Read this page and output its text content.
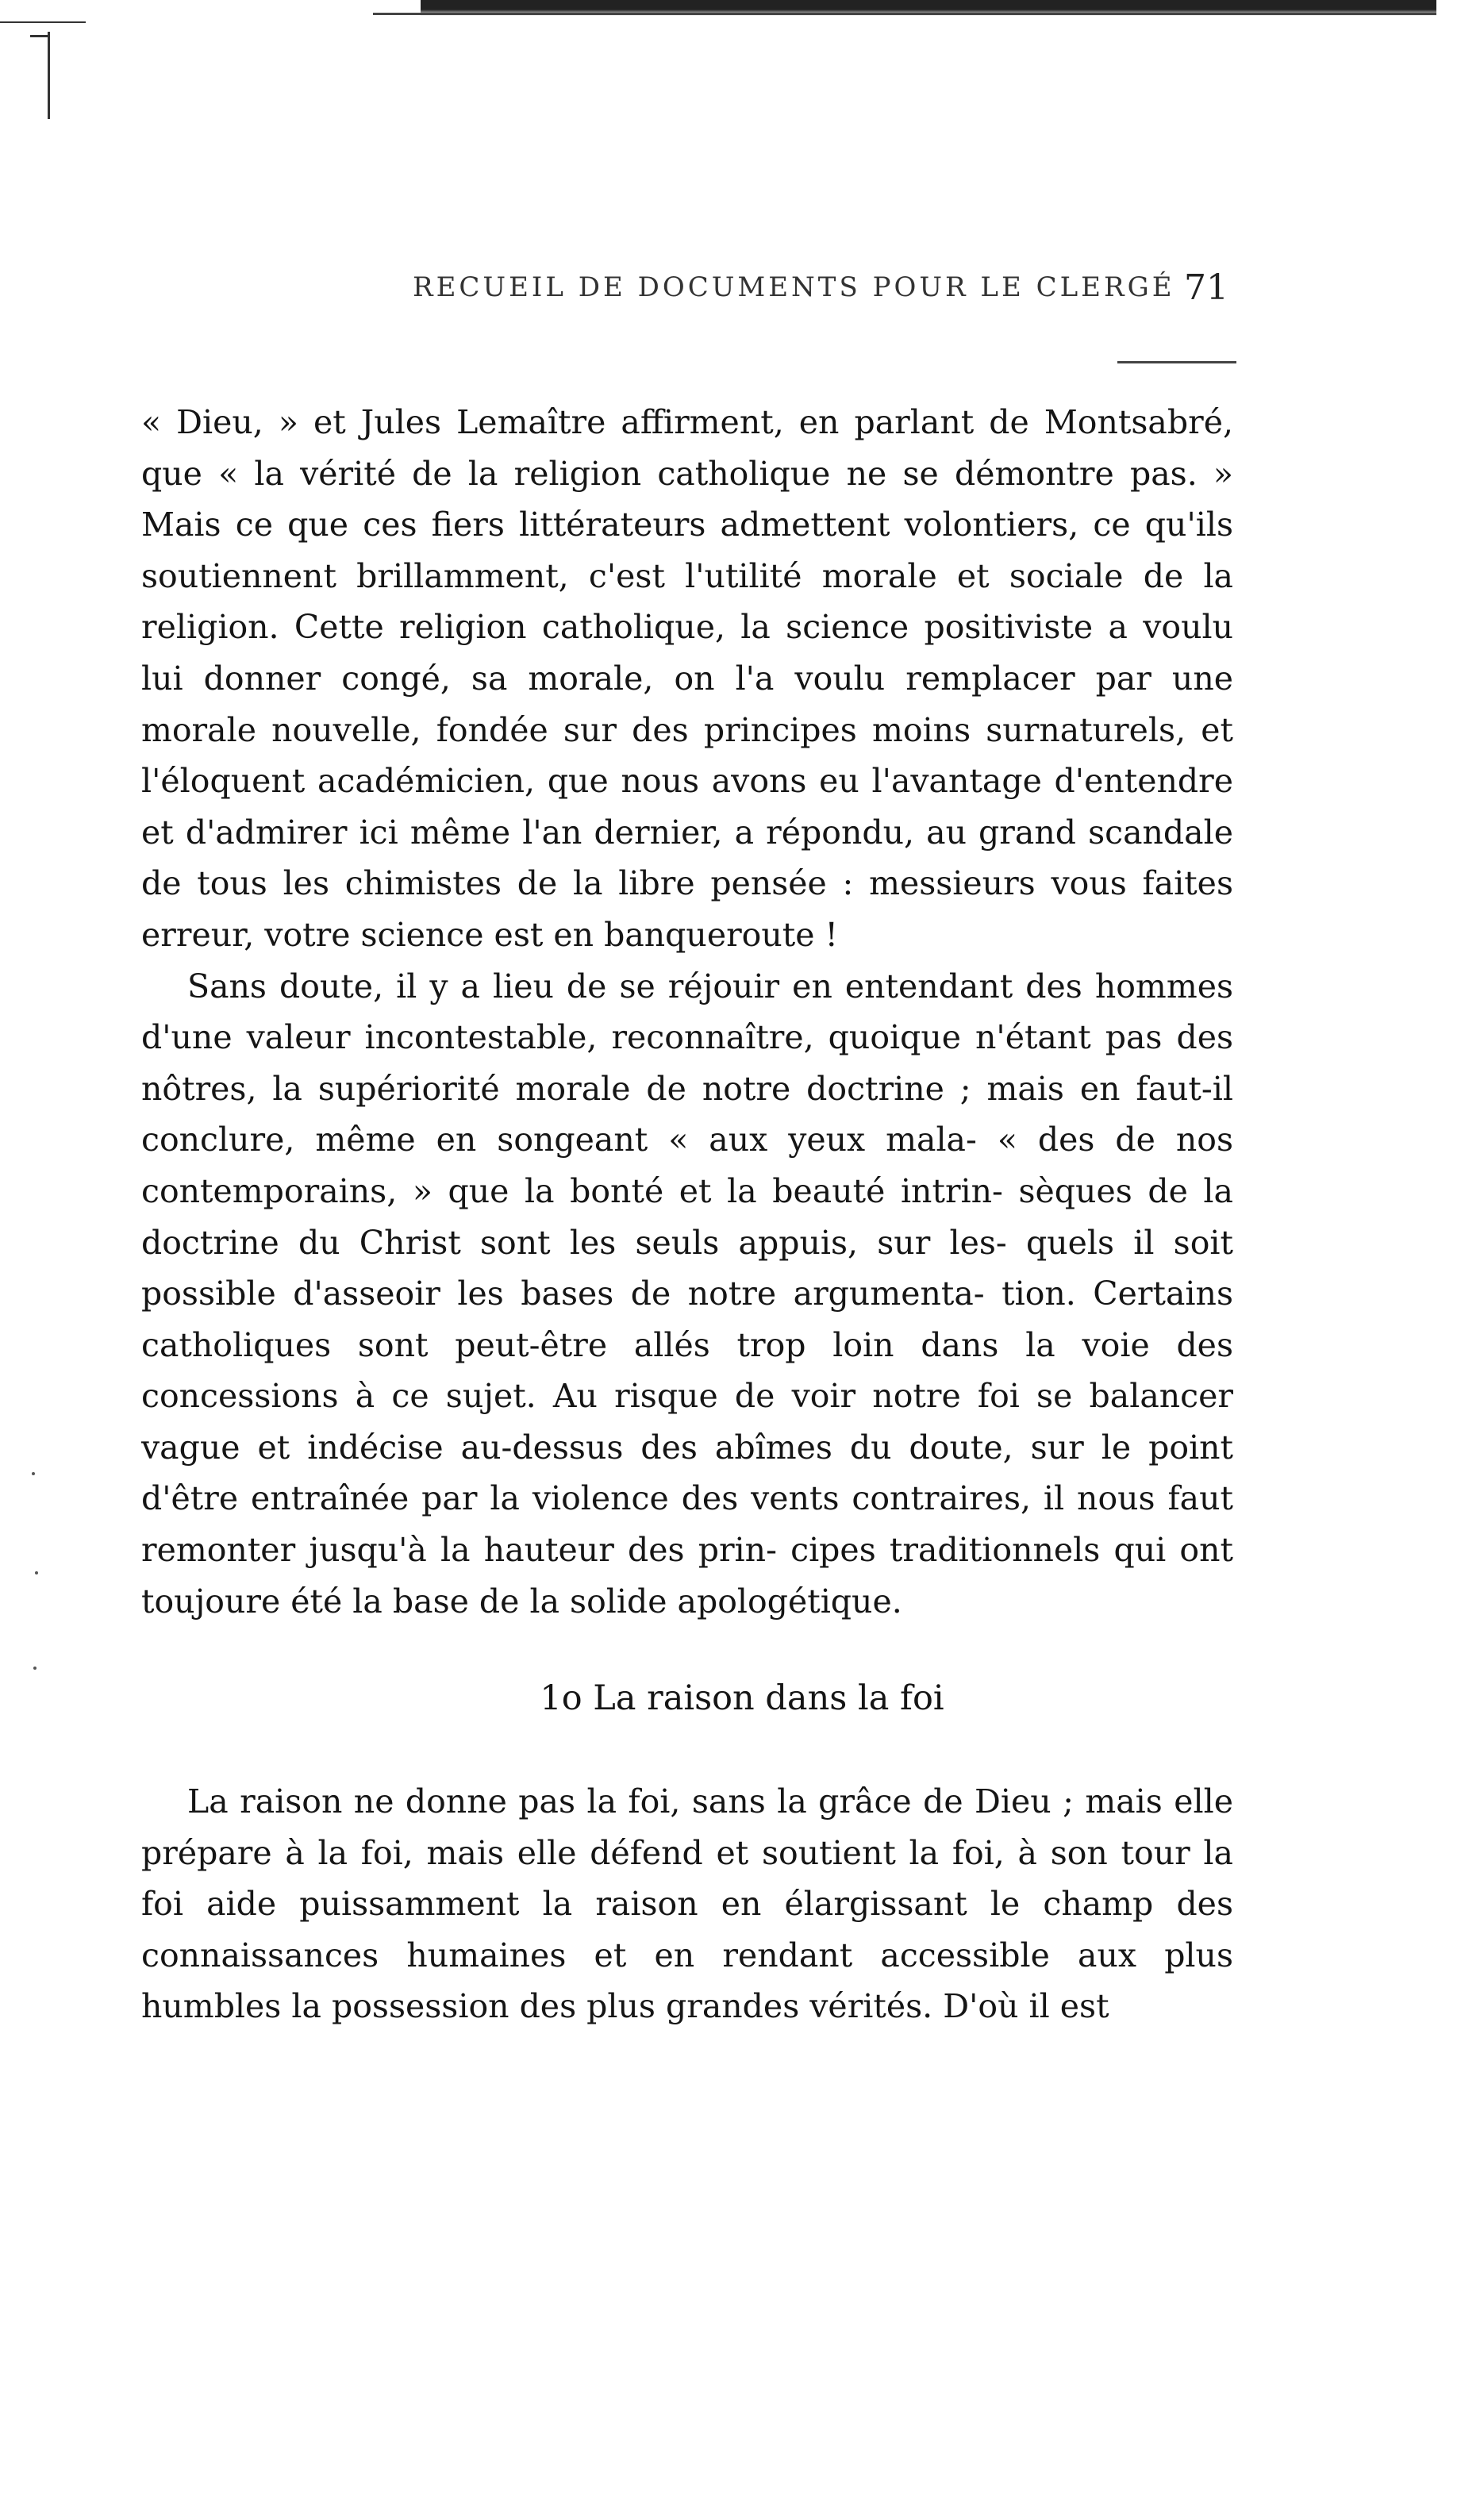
RECUEIL DE DOCUMENTS POUR LE CLERGÉ 71

« Dieu, » et Jules Lemaître affirment, en parlant de Montsabré, que « la vérité de la religion catholique ne se démontre pas. » Mais ce que ces fiers littérateurs admettent volontiers, ce qu'ils soutiennent brillamment, c'est l'utilité morale et sociale de la religion. Cette religion catholique, la science positiviste a voulu lui donner congé, sa morale, on l'a voulu remplacer par une morale nouvelle, fondée sur des principes moins surnaturels, et l'éloquent académicien, que nous avons eu l'avantage d'entendre et d'admirer ici même l'an dernier, a répondu, au grand scandale de tous les chimistes de la libre pensée : messieurs vous faites erreur, votre science est en banqueroute !

Sans doute, il y a lieu de se réjouir en entendant des hommes d'une valeur incontestable, reconnaître, quoique n'étant pas des nôtres, la supériorité morale de notre doctrine ; mais en faut-il conclure, même en songeant « aux yeux mala- « des de nos contemporains, » que la bonté et la beauté intrin- sèques de la doctrine du Christ sont les seuls appuis, sur les- quels il soit possible d'asseoir les bases de notre argumenta- tion. Certains catholiques sont peut-être allés trop loin dans la voie des concessions à ce sujet. Au risque de voir notre foi se balancer vague et indécise au-dessus des abîmes du doute, sur le point d'être entraînée par la violence des vents contraires, il nous faut remonter jusqu'à la hauteur des prin- cipes traditionnels qui ont toujoure été la base de la solide apologétique.

1o La raison dans la foi

La raison ne donne pas la foi, sans la grâce de Dieu ; mais elle prépare à la foi, mais elle défend et soutient la foi, à son tour la foi aide puissamment la raison en élargissant le champ des connaissances humaines et en rendant accessible aux plus humbles la possession des plus grandes vérités. D'où il est
